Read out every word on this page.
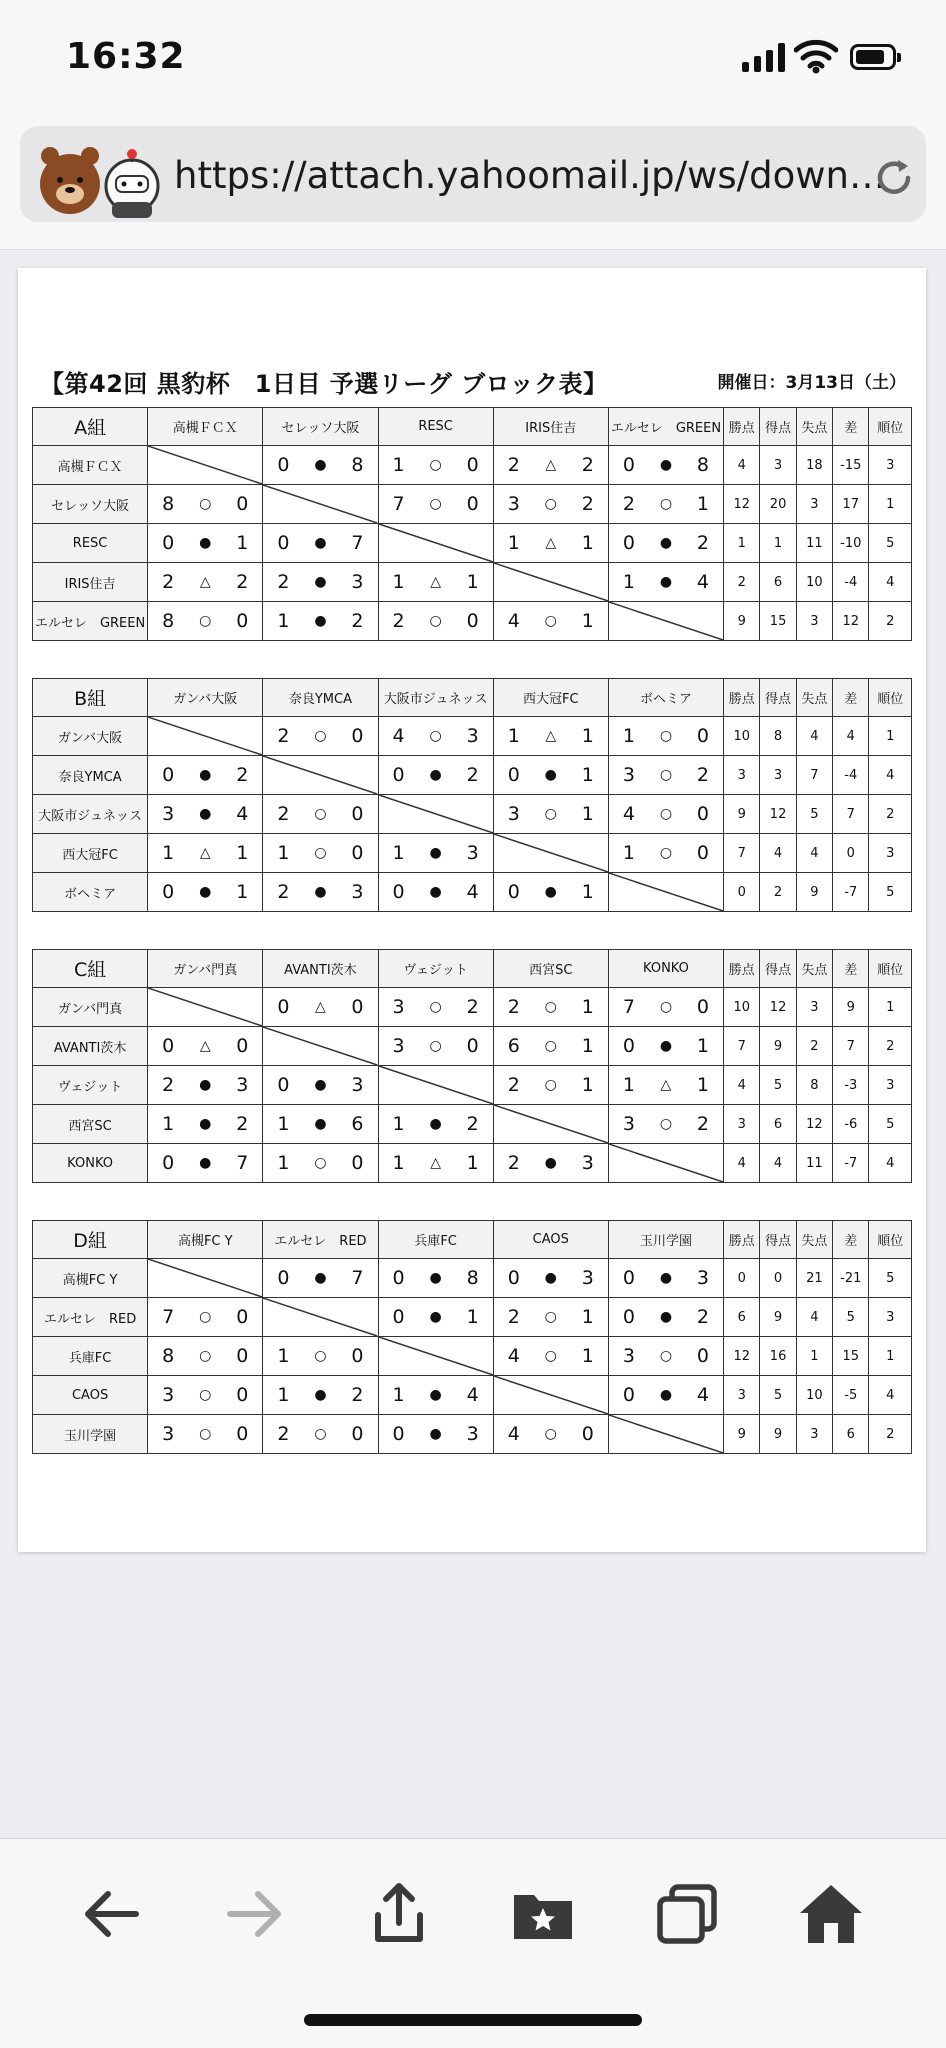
16:32
https://attach.yahoomail.jp/ws/down…
【第42回 黒豹杯　1日目 予選リーグ ブロック表】	開催日：3月13日（土）
A組	高槻ＦＣＸ	セレッソ大阪	RESC	IRIS住吉	エルセレ　GREEN	勝点	得点	失点	差	順位
高槻ＦＣＸ		0 ● 8	1 ○ 0	2 △ 2	0 ● 8	4	3	18	-15	3
セレッソ大阪	8 ○ 0		7 ○ 0	3 ○ 2	2 ○ 1	12	20	3	17	1
RESC	0 ● 1	0 ● 7		1 △ 1	0 ● 2	1	1	11	-10	5
IRIS住吉	2 △ 2	2 ● 3	1 △ 1		1 ● 4	2	6	10	-4	4
エルセレ　GREEN	8 ○ 0	1 ● 2	2 ○ 0	4 ○ 1		9	15	3	12	2
B組	ガンバ大阪	奈良YMCA	大阪市ジュネッス	西大冠FC	ボヘミア	勝点	得点	失点	差	順位
ガンバ大阪		2 ○ 0	4 ○ 3	1 △ 1	1 ○ 0	10	8	4	4	1
奈良YMCA	0 ● 2		0 ● 2	0 ● 1	3 ○ 2	3	3	7	-4	4
大阪市ジュネッス	3 ● 4	2 ○ 0		3 ○ 1	4 ○ 0	9	12	5	7	2
西大冠FC	1 △ 1	1 ○ 0	1 ● 3		1 ○ 0	7	4	4	0	3
ボヘミア	0 ● 1	2 ● 3	0 ● 4	0 ● 1		0	2	9	-7	5
C組	ガンバ門真	AVANTI茨木	ヴェジット	西宮SC	KONKO	勝点	得点	失点	差	順位
ガンバ門真		0 △ 0	3 ○ 2	2 ○ 1	7 ○ 0	10	12	3	9	1
AVANTI茨木	0 △ 0		3 ○ 0	6 ○ 1	0 ● 1	7	9	2	7	2
ヴェジット	2 ● 3	0 ● 3		2 ○ 1	1 △ 1	4	5	8	-3	3
西宮SC	1 ● 2	1 ● 6	1 ● 2		3 ○ 2	3	6	12	-6	5
KONKO	0 ● 7	1 ○ 0	1 △ 1	2 ● 3		4	4	11	-7	4
D組	高槻FC Y	エルセレ　RED	兵庫FC	CAOS	玉川学園	勝点	得点	失点	差	順位
高槻FC Y		0 ● 7	0 ● 8	0 ● 3	0 ● 3	0	0	21	-21	5
エルセレ　RED	7 ○ 0		0 ● 1	2 ○ 1	0 ● 2	6	9	4	5	3
兵庫FC	8 ○ 0	1 ○ 0		4 ○ 1	3 ○ 0	12	16	1	15	1
CAOS	3 ○ 0	1 ● 2	1 ● 4		0 ● 4	3	5	10	-5	4
玉川学園	3 ○ 0	2 ○ 0	0 ● 3	4 ○ 0		9	9	3	6	2
